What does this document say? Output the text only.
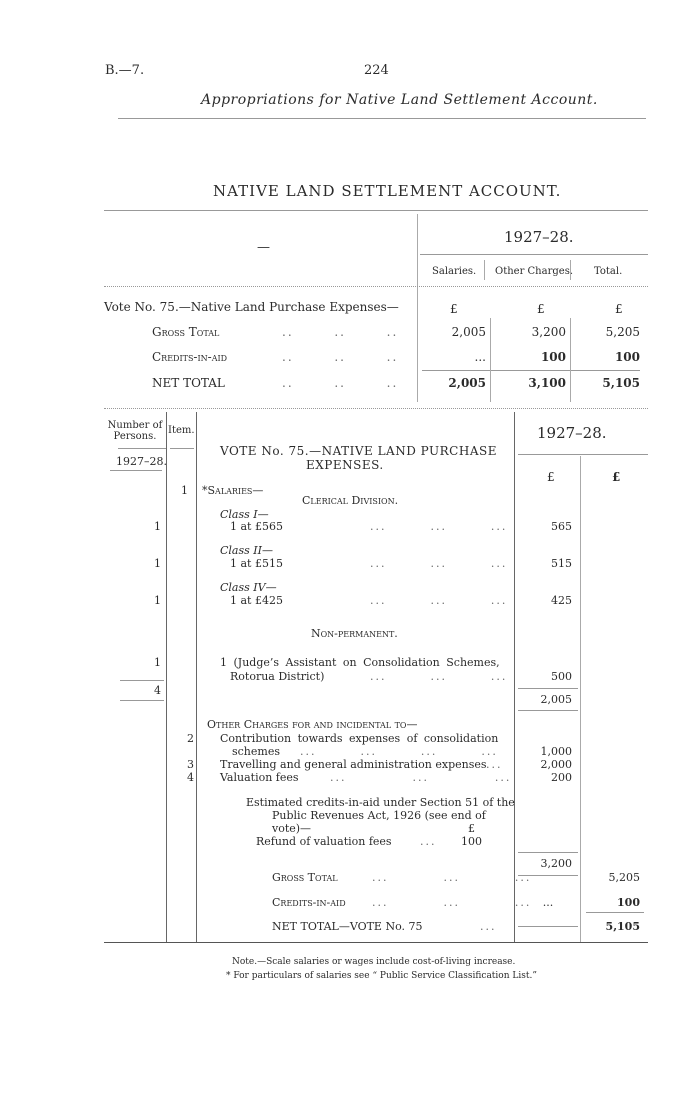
B.—7.	224
Appropriations for Native Land Settlement Account.
NATIVE LAND SETTLEMENT ACCOUNT.
—
1927–28.
Salaries. Other Charges. Total.
Vote No. 75.—Native Land Purchase Expenses—	£	£	£
Gross Total	..       ..       ..	2,005	3,200	5,205
Credits-in-aid	..       ..       ..	...	100	100
NET TOTAL	..       ..       ..	2,005	3,100	5,105
Number of Persons.
Item.
1927–28.
1927–28.
£	£
VOTE No. 75.—NATIVE LAND PURCHASE
EXPENSES.
1 *Salaries—
Clerical Division.
Class I—
1	1 at £565	...        ...        ...	565
Class II—
1	1 at £515	...        ...        ...	515
Class IV—
1	1 at £425	...        ...        ...	425
Non-permanent.
1	1 (Judge’s Assistant on Consolidation Schemes,
Rotorua District)	...        ...        ...	500
4
2,005
Other Charges for and incidental to—
2 Contribution towards expenses of consolidation
schemes ...        ...        ...        ...	1,000
3 Travelling and general administration expenses ...	2,000
4 Valuation fees	...            ...            ...	200
Estimated credits-in-aid under Section 51 of the
Public Revenues Act, 1926 (see end of
vote)—	£
Refund of valuation fees	...	100
3,200
Gross Total	...          ...          ...	5,205
Credits-in-aid ...          ...          ...	...	100
NET TOTAL—VOTE No. 75	...	5,105
Note.—Scale salaries or wages include cost-of-living increase.
* For particulars of salaries see “ Public Service Classification List.”
